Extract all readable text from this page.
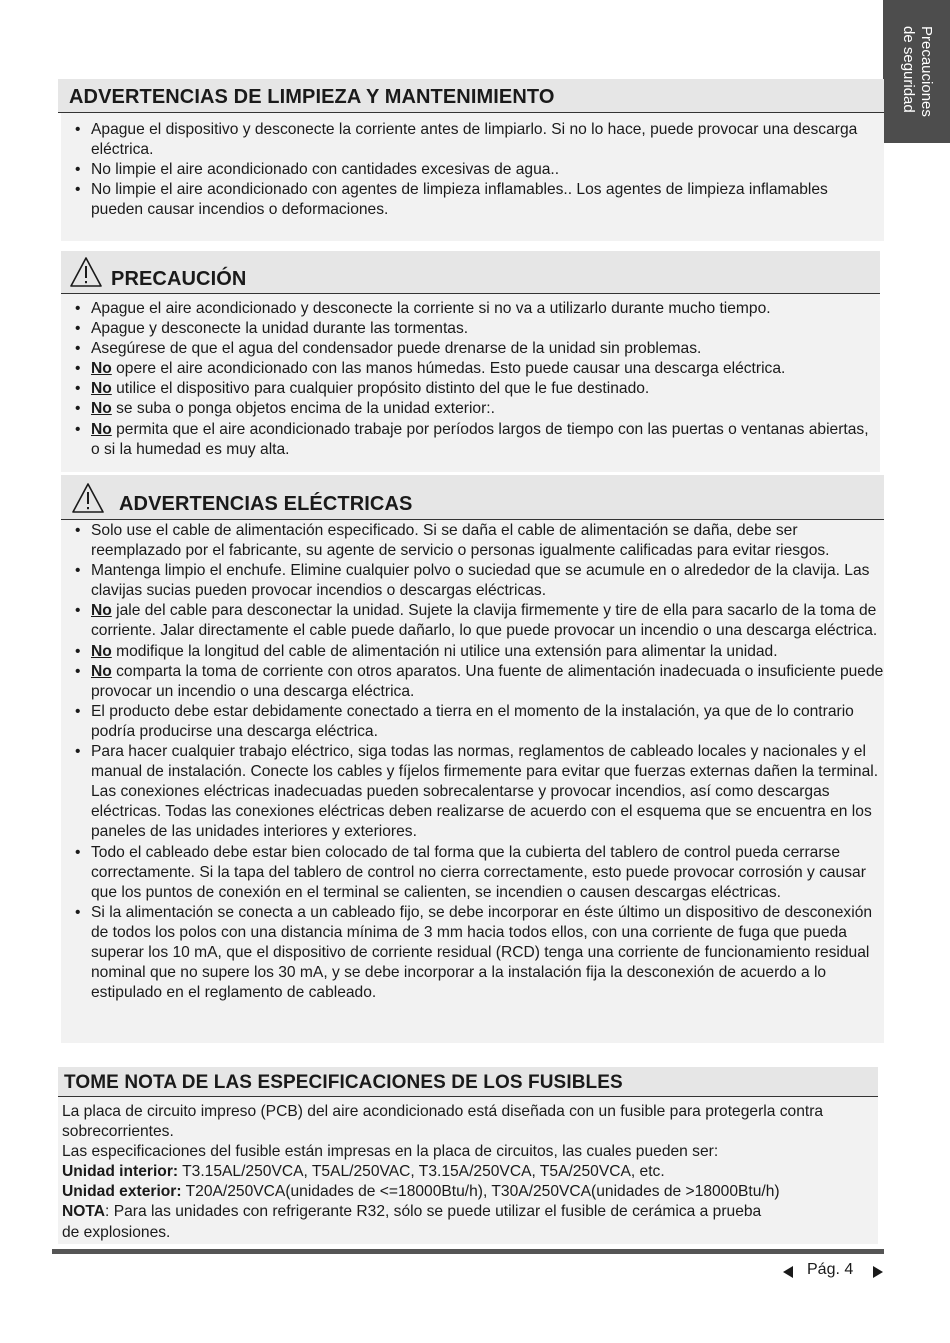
Precauciones
de seguridad
ADVERTENCIAS DE LIMPIEZA Y MANTENIMIENTO
• Apague el dispositivo y desconecte la corriente antes de limpiarlo. Si no lo hace, puede provocar una descarga eléctrica.
• No limpie el aire acondicionado con cantidades excesivas de agua..
• No limpie el aire acondicionado con agentes de limpieza inflamables.. Los agentes de limpieza inflamables pueden causar incendios o deformaciones.
PRECAUCIÓN
• Apague el aire acondicionado y desconecte la corriente si no va a utilizarlo durante mucho tiempo.
• Apague y desconecte la unidad durante las tormentas.
• Asegúrese de que el agua del condensador puede drenarse de la unidad sin problemas.
• No opere el aire acondicionado con las manos húmedas. Esto puede causar una descarga eléctrica.
• No utilice el dispositivo para cualquier propósito distinto del que le fue destinado.
• No se suba o ponga objetos encima de la unidad exterior:.
• No permita que el aire acondicionado trabaje por períodos largos de tiempo con las puertas o ventanas abiertas, o si la humedad es muy alta.
ADVERTENCIAS ELÉCTRICAS
• Solo use el cable de alimentación especificado. Si se daña el cable de alimentación se daña, debe ser reemplazado por el fabricante, su agente de servicio o personas igualmente calificadas para evitar riesgos.
• Mantenga limpio el enchufe. Elimine cualquier polvo o suciedad que se acumule en o alrededor de la clavija. Las clavijas sucias pueden provocar incendios o descargas eléctricas.
• No jale del cable para desconectar la unidad. Sujete la clavija firmemente y tire de ella para sacarlo de la toma de corriente. Jalar directamente el cable puede dañarlo, lo que puede provocar un incendio o una descarga eléctrica.
• No modifique la longitud del cable de alimentación ni utilice una extensión para alimentar la unidad.
• No comparta la toma de corriente con otros aparatos. Una fuente de alimentación inadecuada o insuficiente puede provocar un incendio o una descarga eléctrica.
• El producto debe estar debidamente conectado a tierra en el momento de la instalación, ya que de lo contrario podría producirse una descarga eléctrica.
• Para hacer cualquier trabajo eléctrico, siga todas las normas, reglamentos de cableado locales y nacionales y el manual de instalación. Conecte los cables y fíjelos firmemente para evitar que fuerzas externas dañen la terminal. Las conexiones eléctricas inadecuadas pueden sobrecalentarse y provocar incendios, así como descargas eléctricas. Todas las conexiones eléctricas deben realizarse de acuerdo con el esquema que se encuentra en los paneles de las unidades interiores y exteriores.
• Todo el cableado debe estar bien colocado de tal forma que la cubierta del tablero de control pueda cerrarse correctamente. Si la tapa del tablero de control no cierra correctamente, esto puede provocar corrosión y causar que los puntos de conexión en el terminal se calienten, se incendien o causen descargas eléctricas.
• Si la alimentación se conecta a un cableado fijo, se debe incorporar en éste último un dispositivo de desconexión de todos los polos con una distancia mínima de 3 mm hacia todos ellos, con una corriente de fuga que pueda superar los 10 mA, que el dispositivo de corriente residual (RCD) tenga una corriente de funcionamiento residual nominal que no supere los 30 mA, y se debe incorporar a la instalación fija la desconexión de acuerdo a lo estipulado en el reglamento de cableado.
TOME NOTA DE LAS ESPECIFICACIONES DE LOS FUSIBLES

La placa de circuito impreso (PCB) del aire acondicionado está diseñada con un fusible para protegerla contra sobrecorrientes.

Las especificaciones del fusible están impresas en la placa de circuitos, las cuales pueden ser:

Unidad interior: T3.15AL/250VCA, T5AL/250VAC, T3.15A/250VCA, T5A/250VCA, etc.

Unidad exterior: T20A/250VCA(unidades de <=18000Btu/h), T30A/250VCA(unidades de >18000Btu/h)

NOTA: Para las unidades con refrigerante R32, sólo se puede utilizar el fusible de cerámica a prueba de explosiones.

Pág. 4
